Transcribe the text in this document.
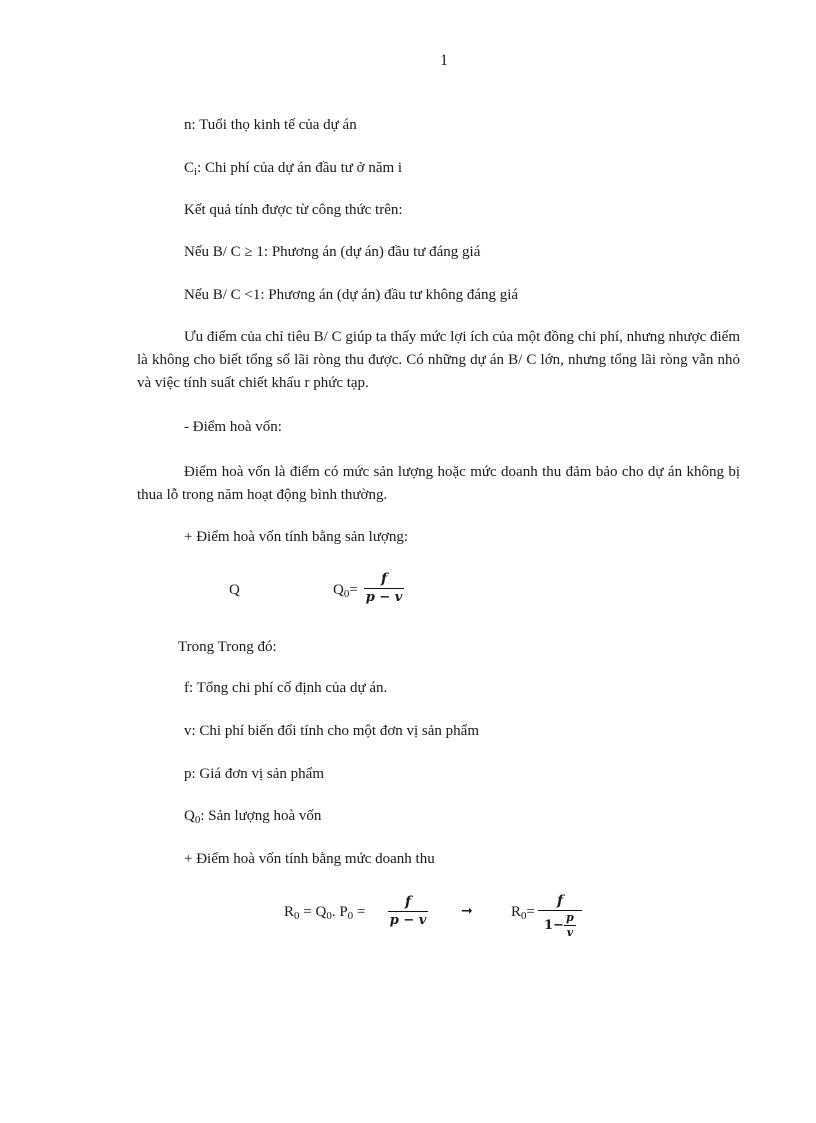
1
n: Tuổi thọ kinh tế của dự án
$C_i$: Chi phí của dự án đầu tư ở năm i
Kết quả tính được từ công thức trên:
Nếu B/ C ≥ 1: Phương án (dự án) đầu tư đáng giá
Nếu B/ C <1: Phương án (dự án) đầu tư không đáng giá
Ưu điểm của chỉ tiêu B/ C giúp ta thấy mức lợi ích của một đồng chi phí, nhưng nhược điểm là không cho biết tổng số lãi ròng thu được. Có những dự án B/ C lớn, nhưng tổng lãi ròng vẫn nhỏ và việc tính suất chiết khấu r phức tạp.
- Điểm hoà vốn:
Điểm hoà vốn là điểm có mức sản lượng hoặc mức doanh thu đảm bảo cho dự án không bị thua lỗ trong năm hoạt động bình thường.
+ Điểm hoà vốn tính bằng sản lượng:
Q	$Q_0=$
f
p − v
Trong Trong đó:
f: Tổng chi phí cố định của dự án.
v: Chi phí biến đổi tính cho một đơn vị sản phẩm
p: Giá đơn vị sản phẩm
$Q_0$: Sản lượng hoà vốn
+ Điểm hoà vốn tính bằng mức doanh thu
$R_0 = Q_0$. $P_0$ =
f
p − v
➞	$R_0=$
f
$1- \frac{p}{v}$
